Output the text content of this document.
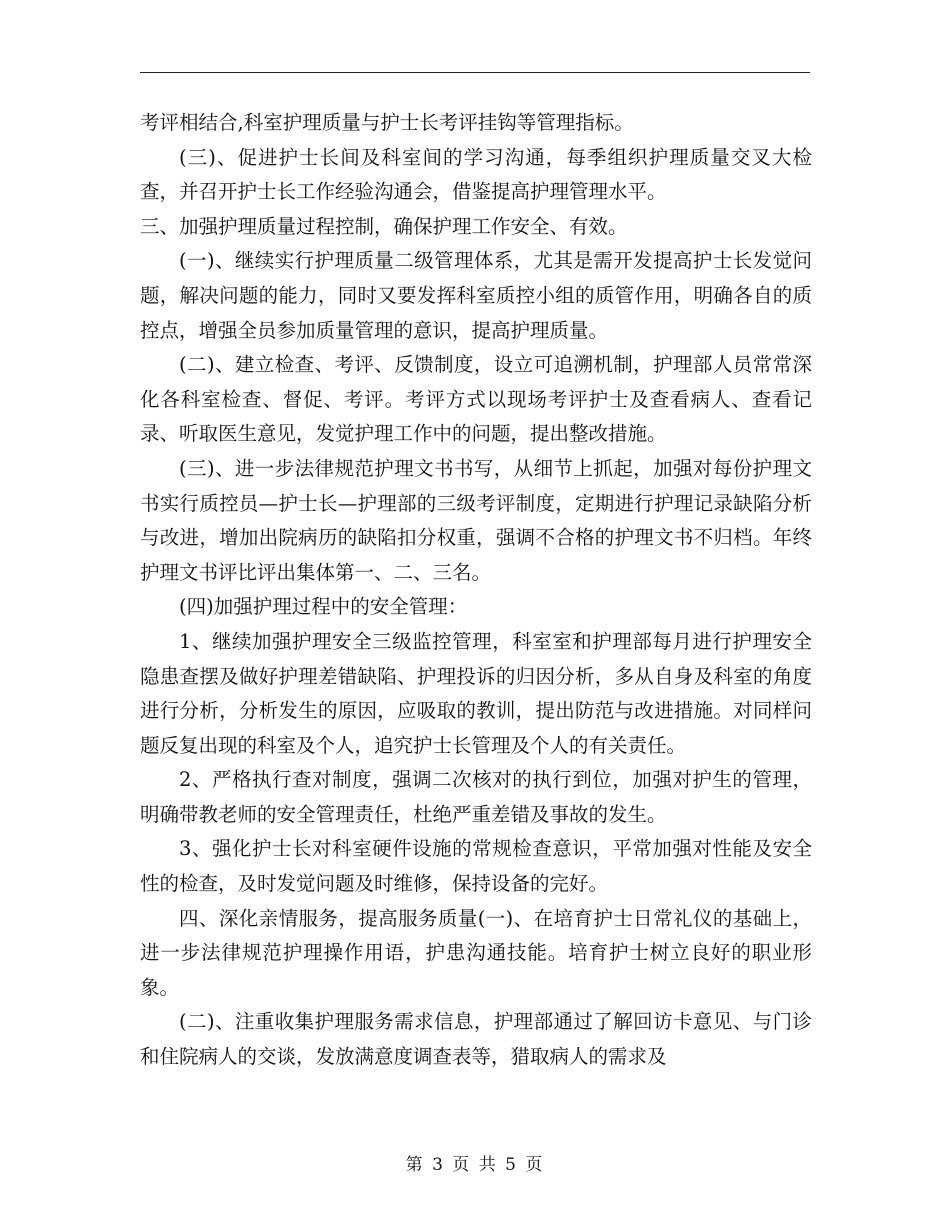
考评相结合,科室护理质量与护士长考评挂钩等管理指标。

(三)、促进护士长间及科室间的学习沟通，每季组织护理质量交叉大检查，并召开护士长工作经验沟通会，借鉴提高护理管理水平。

三、加强护理质量过程控制，确保护理工作安全、有效。

(一)、继续实行护理质量二级管理体系，尤其是需开发提高护士长发觉问题，解决问题的能力，同时又要发挥科室质控小组的质管作用，明确各自的质控点，增强全员参加质量管理的意识，提高护理质量。

(二)、建立检查、考评、反馈制度，设立可追溯机制，护理部人员常常深化各科室检查、督促、考评。考评方式以现场考评护士及查看病人、查看记录、听取医生意见，发觉护理工作中的问题，提出整改措施。

(三)、进一步法律规范护理文书书写，从细节上抓起，加强对每份护理文书实行质控员—护士长—护理部的三级考评制度，定期进行护理记录缺陷分析与改进，增加出院病历的缺陷扣分权重，强调不合格的护理文书不归档。年终护理文书评比评出集体第一、二、三名。

(四)加强护理过程中的安全管理：

1、继续加强护理安全三级监控管理，科室室和护理部每月进行护理安全隐患查摆及做好护理差错缺陷、护理投诉的归因分析，多从自身及科室的角度进行分析，分析发生的原因，应吸取的教训，提出防范与改进措施。对同样问题反复出现的科室及个人，追究护士长管理及个人的有关责任。

2、严格执行查对制度，强调二次核对的执行到位，加强对护生的管理，明确带教老师的安全管理责任，杜绝严重差错及事故的发生。

3、强化护士长对科室硬件设施的常规检查意识，平常加强对性能及安全性的检查，及时发觉问题及时维修，保持设备的完好。

四、深化亲情服务，提高服务质量(一)、在培育护士日常礼仪的基础上，进一步法律规范护理操作用语，护患沟通技能。培育护士树立良好的职业形象。

(二)、注重收集护理服务需求信息，护理部通过了解回访卡意见、与门诊和住院病人的交谈，发放满意度调查表等，猎取病人的需求及

第 3 页 共 5 页
